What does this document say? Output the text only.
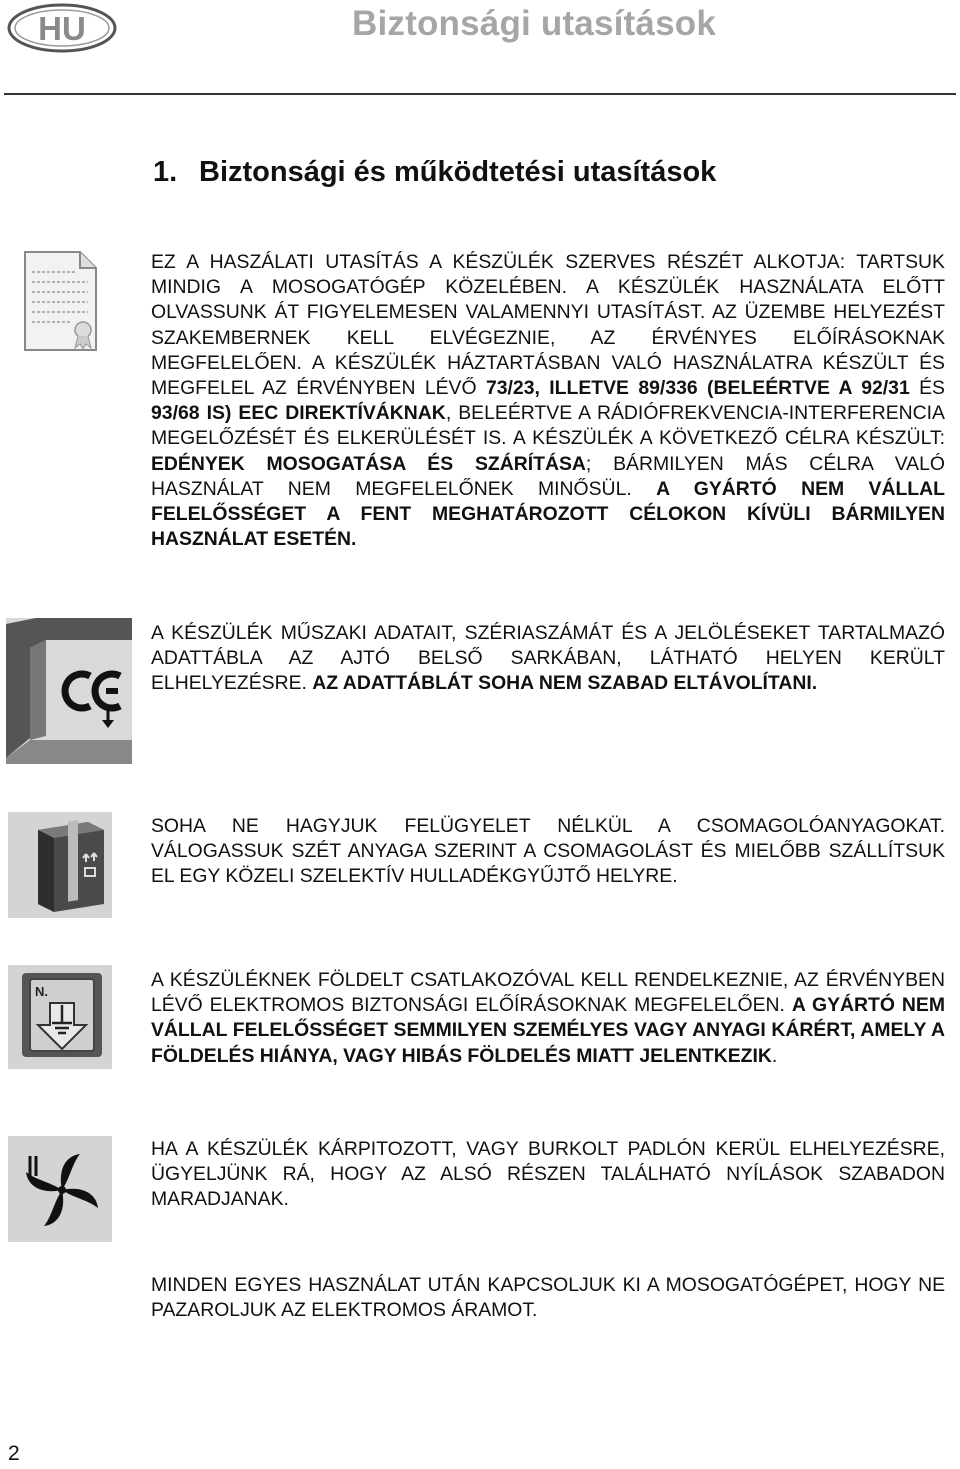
HU	Biztonsági utasítások
1. Biztonsági és működtetési utasítások
N.
EZ A HASZÁLATI UTASÍTÁS A KÉSZÜLÉK SZERVES RÉSZÉT ALKOTJA: TARTSUK MINDIG A MOSOGATÓGÉP KÖZELÉBEN. A KÉSZÜLÉK HASZNÁLATA ELŐTT OLVASSUNK ÁT FIGYELEMESEN VALAMENNYI UTASÍTÁST. AZ ÜZEMBE HELYEZÉST SZAKEMBERNEK KELL ELVÉGEZNIE, AZ ÉRVÉNYES ELŐÍRÁSOKNAK MEGFELELŐEN. A KÉSZÜLÉK HÁZTARTÁSBAN VALÓ HASZNÁLATRA KÉSZÜLT ÉS MEGFELEL AZ ÉRVÉNYBEN LÉVŐ 73/23, ILLETVE 89/336 (BELEÉRTVE A 92/31 ÉS 93/68 IS) EEC DIREKTÍVÁKNAK, BELEÉRTVE A RÁDIÓFREKVENCIA-INTERFERENCIA MEGELŐZÉSÉT ÉS ELKERÜLÉSÉT IS. A KÉSZÜLÉK A KÖVETKEZŐ CÉLRA KÉSZÜLT: EDÉNYEK MOSOGATÁSA ÉS SZÁRÍTÁSA; BÁRMILYEN MÁS CÉLRA VALÓ HASZNÁLAT NEM MEGFELELŐNEK MINŐSÜL. A GYÁRTÓ NEM VÁLLAL FELELŐSSÉGET A FENT MEGHATÁROZOTT CÉLOKON KÍVÜLI BÁRMILYEN HASZNÁLAT ESETÉN.
A KÉSZÜLÉK MŰSZAKI ADATAIT, SZÉRIASZÁMÁT ÉS A JELÖLÉSEKET TARTALMAZÓ ADATTÁBLA AZ AJTÓ BELSŐ SARKÁBAN, LÁTHATÓ HELYEN KERÜLT ELHELYEZÉSRE. AZ ADATTÁBLÁT SOHA NEM SZABAD ELTÁVOLÍTANI.
SOHA NE HAGYJUK FELÜGYELET NÉLKÜL A CSOMAGOLÓANYAGOKAT. VÁLOGASSUK SZÉT ANYAGA SZERINT A CSOMAGOLÁST ÉS MIELŐBB SZÁLLÍTSUK EL EGY KÖZELI SZELEKTÍV HULLADÉKGYŰJTŐ HELYRE.
A KÉSZÜLÉKNEK FÖLDELT CSATLAKOZÓVAL KELL RENDELKEZNIE, AZ ÉRVÉNYBEN LÉVŐ ELEKTROMOS BIZTONSÁGI ELŐÍRÁSOKNAK MEGFELELŐEN. A GYÁRTÓ NEM VÁLLAL FELELŐSSÉGET SEMMILYEN SZEMÉLYES VAGY ANYAGI KÁRÉRT, AMELY A FÖLDELÉS HIÁNYA, VAGY HIBÁS FÖLDELÉS MIATT JELENTKEZIK.
HA A KÉSZÜLÉK KÁRPITOZOTT, VAGY BURKOLT PADLÓN KERÜL ELHELYEZÉSRE, ÜGYELJÜNK RÁ, HOGY AZ ALSÓ RÉSZEN TALÁLHATÓ NYÍLÁSOK SZABADON MARADJANAK.
MINDEN EGYES HASZNÁLAT UTÁN KAPCSOLJUK KI A MOSOGATÓGÉPET, HOGY NE PAZAROLJUK AZ ELEKTROMOS ÁRAMOT.
2
